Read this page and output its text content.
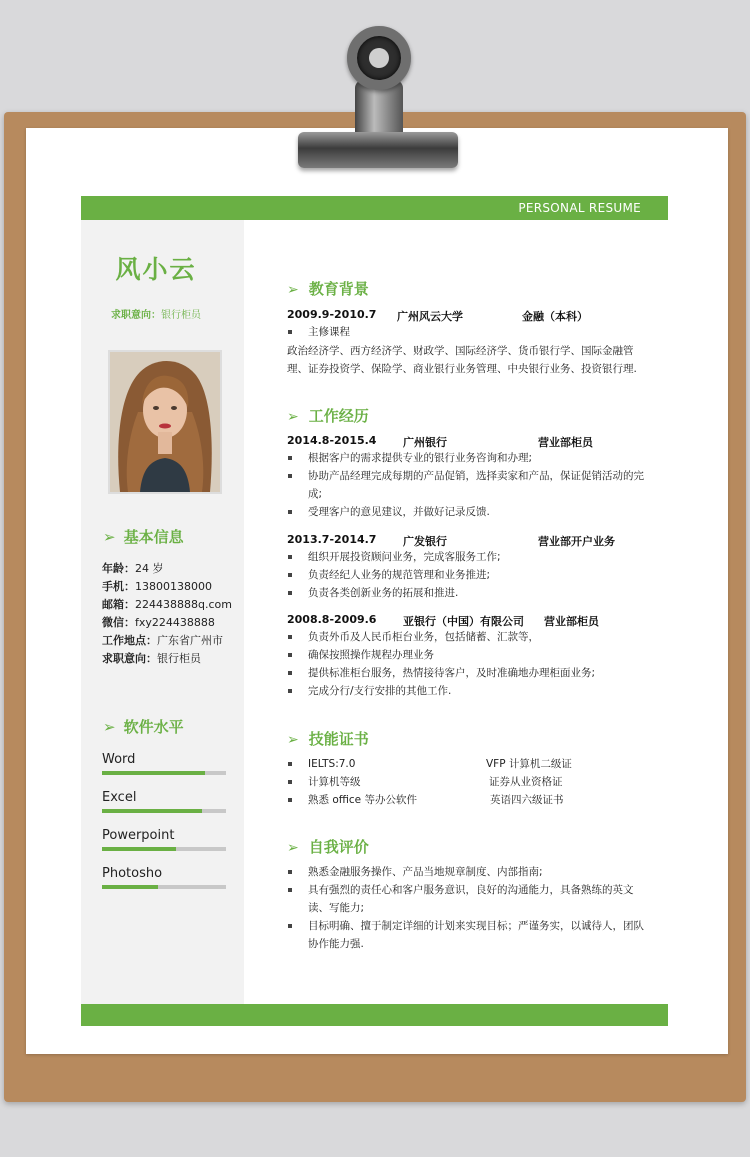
PERSONAL RESUME
风小云
求职意向：银行柜员
➢ 基本信息
年龄：24 岁
手机：13800138000
邮箱：224438888q.com
微信：fxy224438888
工作地点：广东省广州市
求职意向：银行柜员
➢ 软件水平
Word
Excel
Powerpoint
Photosho
➢ 教育背景
2009.9-2010.7 广州风云大学	金融（本科）
主修课程
政治经济学、西方经济学、财政学、国际经济学、货币银行学、国际金融管理、证券投资学、保险学、商业银行业务管理、中央银行业务、投资银行理.
➢ 工作经历
2014.8-2015.4 广州银行	营业部柜员
根据客户的需求提供专业的银行业务咨询和办理;
协助产品经理完成每期的产品促销，选择卖家和产品，保证促销活动的完成;
受理客户的意见建议，并做好记录反馈.
2013.7-2014.7 广发银行	营业部开户业务
组织开展投资顾问业务，完成客服务工作;
负责经纪人业务的规范管理和业务推进;
负责各类创新业务的拓展和推进.
2008.8-2009.6 亚银行（中国）有限公司 营业部柜员
负责外币及人民币柜台业务，包括储蓄、汇款等，
确保按照操作规程办理业务
提供标准柜台服务，热情接待客户，及时准确地办理柜面业务;
完成分行/支行安排的其他工作.
➢ 技能证书
IELTS:7.0	VFP 计算机二级证
计算机等级	证券从业资格证
熟悉 office 等办公软件	英语四六级证书
➢ 自我评价
熟悉金融服务操作、产品当地规章制度、内部指南;
具有强烈的责任心和客户服务意识，良好的沟通能力，具备熟练的英文读、写能力;
目标明确、擅于制定详细的计划来实现目标；严谨务实，以诚待人，团队协作能力强.
